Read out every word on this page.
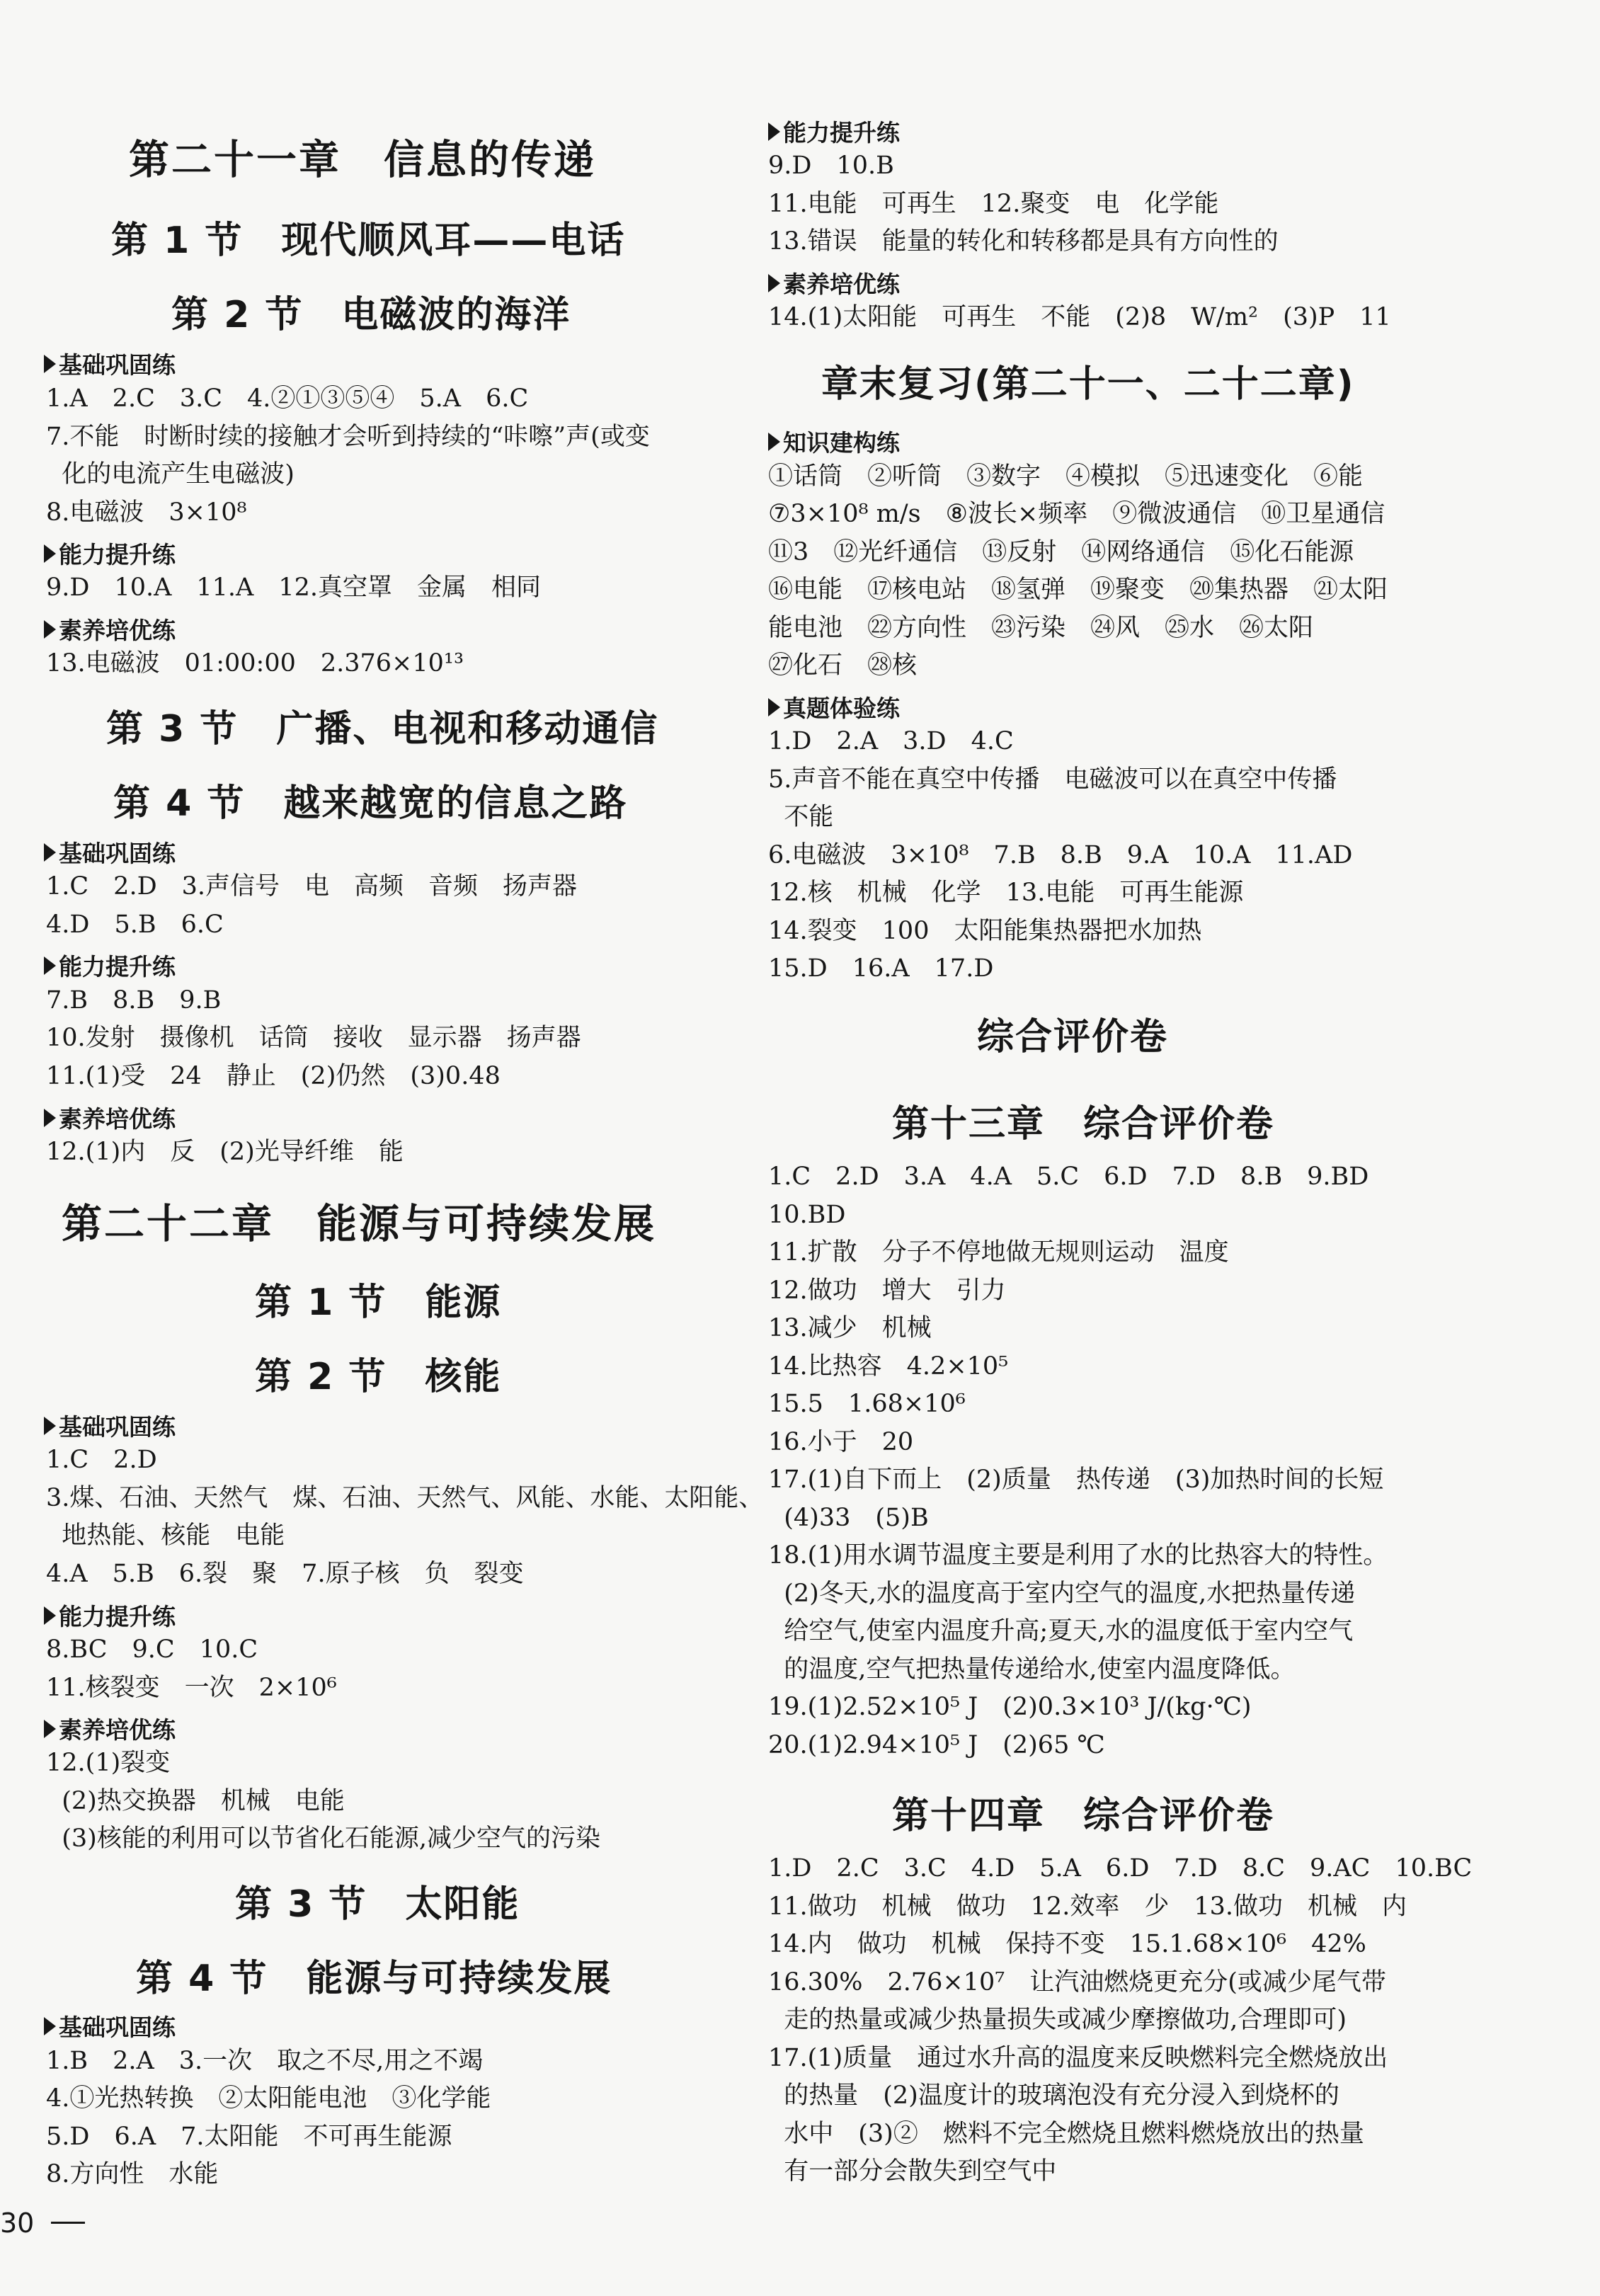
第二十一章　信息的传递
第 1 节　现代顺风耳——电话
第 2 节　电磁波的海洋
基础巩固练
1.A　2.C　3.C　4.②①③⑤④　5.A　6.C
7.不能　时断时续的接触才会听到持续的“咔嚓”声(或变
化的电流产生电磁波)
8.电磁波　3×10⁸
能力提升练
9.D　10.A　11.A　12.真空罩　金属　相同
素养培优练
13.电磁波　01:00:00　2.376×10¹³
第 3 节　广播、电视和移动通信
第 4 节　越来越宽的信息之路
基础巩固练
1.C　2.D　3.声信号　电　高频　音频　扬声器
4.D　5.B　6.C
能力提升练
7.B　8.B　9.B
10.发射　摄像机　话筒　接收　显示器　扬声器
11.(1)受　24　静止　(2)仍然　(3)0.48
素养培优练
12.(1)内　反　(2)光导纤维　能
第二十二章　能源与可持续发展
第 1 节　能源
第 2 节　核能
基础巩固练
1.C　2.D
3.煤、石油、天然气　煤、石油、天然气、风能、水能、太阳能、
地热能、核能　电能
4.A　5.B　6.裂　聚　7.原子核　负　裂变
能力提升练
8.BC　9.C　10.C
11.核裂变　一次　2×10⁶
素养培优练
12.(1)裂变
(2)热交换器　机械　电能
(3)核能的利用可以节省化石能源,减少空气的污染
第 3 节　太阳能
第 4 节　能源与可持续发展
基础巩固练
1.B　2.A　3.一次　取之不尽,用之不竭
4.①光热转换　②太阳能电池　③化学能
5.D　6.A　7.太阳能　不可再生能源
8.方向性　水能
能力提升练
9.D　10.B
11.电能　可再生　12.聚变　电　化学能
13.错误　能量的转化和转移都是具有方向性的
素养培优练
14.(1)太阳能　可再生　不能　(2)8　W/m²　(3)P　11
章末复习(第二十一、二十二章)
知识建构练
①话筒　②听筒　③数字　④模拟　⑤迅速变化　⑥能
⑦3×10⁸ m/s　⑧波长×频率　⑨微波通信　⑩卫星通信
⑪3　⑫光纤通信　⑬反射　⑭网络通信　⑮化石能源
⑯电能　⑰核电站　⑱氢弹　⑲聚变　⑳集热器　㉑太阳
能电池　㉒方向性　㉓污染　㉔风　㉕水　㉖太阳
㉗化石　㉘核
真题体验练
1.D　2.A　3.D　4.C
5.声音不能在真空中传播　电磁波可以在真空中传播
不能
6.电磁波　3×10⁸　7.B　8.B　9.A　10.A　11.AD
12.核　机械　化学　13.电能　可再生能源
14.裂变　100　太阳能集热器把水加热
15.D　16.A　17.D
综合评价卷
第十三章　综合评价卷
1.C　2.D　3.A　4.A　5.C　6.D　7.D　8.B　9.BD
10.BD
11.扩散　分子不停地做无规则运动　温度
12.做功　增大　引力
13.减少　机械
14.比热容　4.2×10⁵
15.5　1.68×10⁶
16.小于　20
17.(1)自下而上　(2)质量　热传递　(3)加热时间的长短
(4)33　(5)B
18.(1)用水调节温度主要是利用了水的比热容大的特性。
(2)冬天,水的温度高于室内空气的温度,水把热量传递
给空气,使室内温度升高;夏天,水的温度低于室内空气
的温度,空气把热量传递给水,使室内温度降低。
19.(1)2.52×10⁵ J　(2)0.3×10³ J/(kg·℃)
20.(1)2.94×10⁵ J　(2)65 ℃
第十四章　综合评价卷
1.D　2.C　3.C　4.D　5.A　6.D　7.D　8.C　9.AC　10.BC
11.做功　机械　做功　12.效率　少　13.做功　机械　内
14.内　做功　机械　保持不变　15.1.68×10⁶　42%
16.30%　2.76×10⁷　让汽油燃烧更充分(或减少尾气带
走的热量或减少热量损失或减少摩擦做功,合理即可)
17.(1)质量　通过水升高的温度来反映燃料完全燃烧放出
的热量　(2)温度计的玻璃泡没有充分浸入到烧杯的
水中　(3)②　燃料不完全燃烧且燃料燃烧放出的热量
有一部分会散失到空气中
30
